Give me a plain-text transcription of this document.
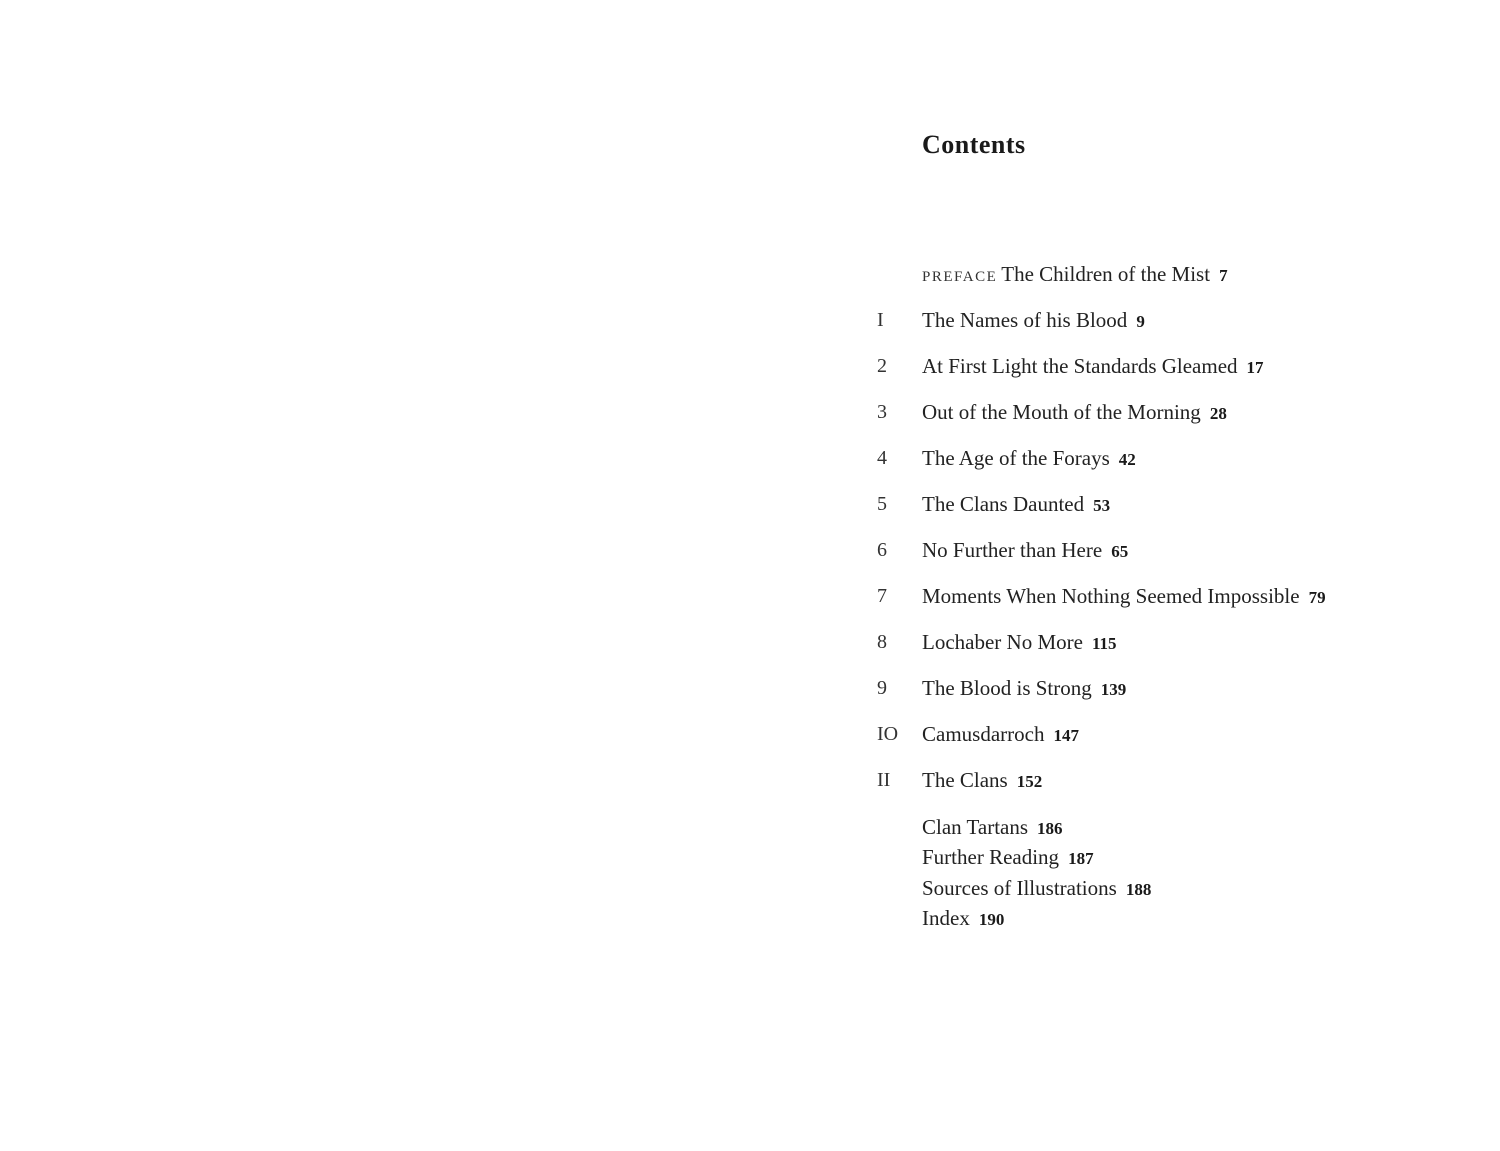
Contents
PREFACE The Children of the Mist 7
I	The Names of his Blood 9
2	At First Light the Standards Gleamed 17
3	Out of the Mouth of the Morning 28
4	The Age of the Forays 42
5	The Clans Daunted 53
6	No Further than Here 65
7	Moments When Nothing Seemed Impossible 79
8	Lochaber No More 115
9	The Blood is Strong 139
IO	Camusdarroch 147
II	The Clans 152
Clan Tartans 186
Further Reading 187
Sources of Illustrations 188
Index 190
